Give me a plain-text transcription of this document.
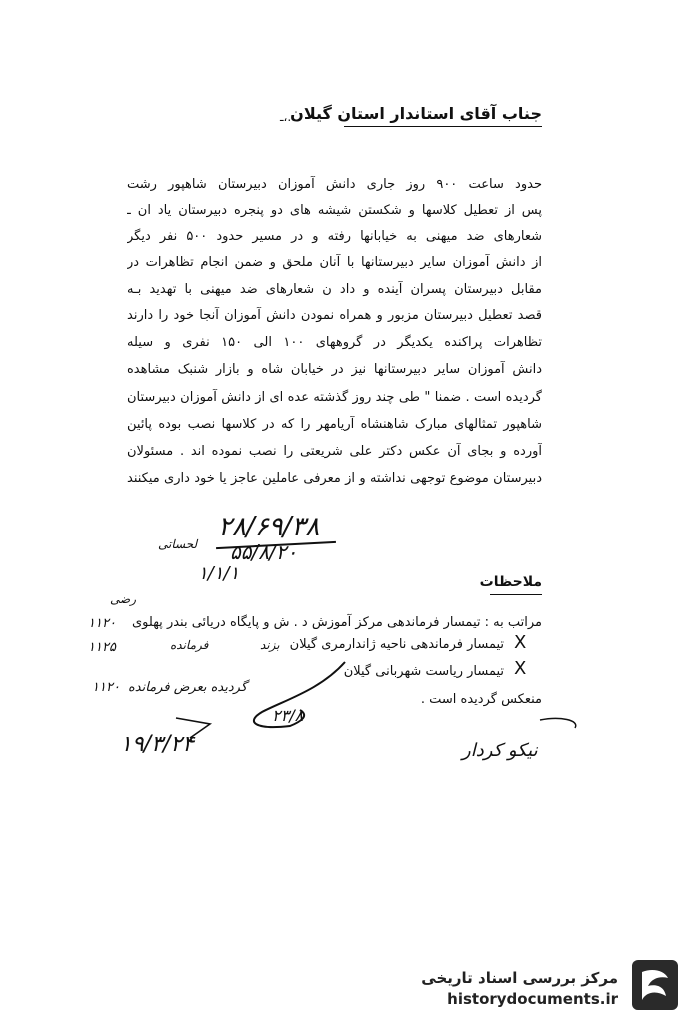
جناب آقای استاندار استان گیلان
ـ،.
حدود ساعت ۹۰۰ روز جاری دانش آموزان دبیرستان شاهپور رشت
پس از تعطیل کلاسها و شکستن شیشه های دو پنجره دبیرستان یاد ان ـ
شعارهای ضد میهنی به خیابانها رفته و در مسیر حدود ۵۰۰ نفر دیگر
از دانش آموزان سایر دبیرستانها با آنان ملحق و ضمن انجام تظاهرات در
مقابل دبیرستان پسران آینده و داد ن شعارهای ضد میهنی با تهدید بـه
قصد تعطیل دبیرستان مزبور و همراه نمودن دانش آموزان آنجا خود را دارند
تظاهرات پراکنده یکدیگر در گروههای ۱۰۰ الی ۱۵۰ نفری و سیله
دانش آموزان سایر دبیرستانها نیز در خیابان شاه و بازار شنبک مشاهده
گردیده است . ضمنا " طی چند روز گذشته عده ای از دانش آموزان دبیرستان
شاهپور تمثالهای مبارک شاهنشاه آریامهر را که در کلاسها نصب بوده پائین
آورده و بجای آن عکس دکتر علی شریعتی را نصب نموده اند . مسئولان
دبیرستان موضوع توجهی نداشته و از معرفی عاملین عاجز یا خود داری میکنند
۲۸/۶۹/۳۸
۵۵/۸/۲۰
لحساتی
۱/۱/۱	ملاحظات
رضی
مراتب به : تیمسار فرماندهی مرکز آموزش د . ش و پایگاه دریائی بندر پهلوی
۱۱۲۰
X
تیمسار فرماندهی ناحیه ژاندارمری گیلان
بزند
فرمانده
۱۱۲۵
X
تیمسار ریاست شهربانی گیلان
۱۱۲۰ گردیده بعرض فرمانده
منعکس گردیده است .
۲۳/۸
۱۹/۳/۲۴	نیکو کردار
مرکز بررسی اسناد تاریخی
historydocuments.ir
